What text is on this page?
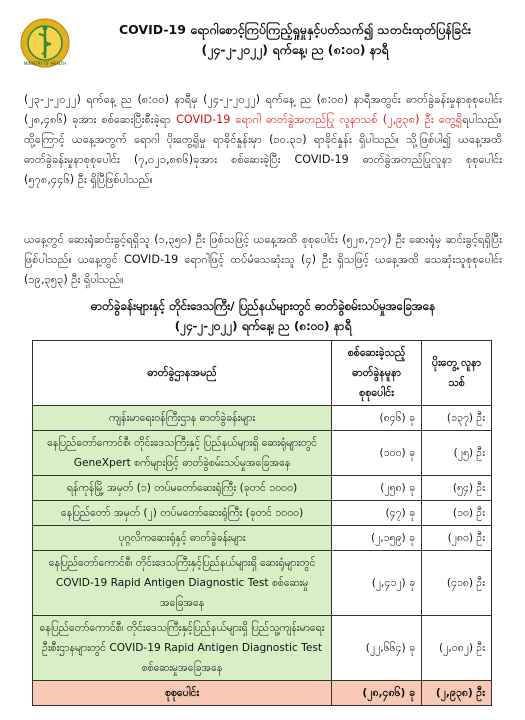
MINISTRY OF HEALTH
COVID-19 ရောဂါစောင့်ကြပ်ကြည့်ရှုမှုနှင့်ပတ်သက်၍ သတင်းထုတ်ပြန်ခြင်း
(၂၄-၂-၂၀၂၂) ရက်နေ့၊ ည (၈:၀၀) နာရီ
(၂၃-၂-၂၀၂၂) ရက်နေ့ ည (၈:၀၀) နာရီမှ (၂၄-၂-၂၀၂၂) ရက်နေ့ ည (၈:၀၀) နာရီအတွင်း ဓာတ်ခွဲခန်းမှုနာစုစုပေါင်း (၂၈,၄၈၆) ခုအား စစ်ဆေးပြီးစီးခဲ့ရာ COVID-19 ရောဂါ ဓာတ်ခွဲအတည်ပြု လူနာသစ် (၂,၉၃၈) ဦး တွေ့ရှိရပါသည်။ ထို့ကြောင့် ယနေ့အတွက် ရောဂါ ပိုးတွေ့ရှိမှု ရာခိုင်နှုန်းမှာ (၁၀.၃၁) ရာခိုင်နှုန်း ရှိပါသည်။ သို့ဖြစ်ပါ၍ ယနေ့အထိ ဓာတ်ခွဲခန်းမှုနာစုစုပေါင်း (၇,၀၂၁,၈၈၆)ခုအား စစ်ဆေးခဲ့ပြီး COVID-19 ဓာတ်ခွဲအတည်ပြုလူနာ စုစုပေါင်း (၅၇၈,၄၄၆) ဦး ရှိပြီဖြစ်ပါသည်။
ယနေ့တွင် ဆေးရုံဆင်းခွင့်ရရှိသူ (၁,၃၅၀) ဦး ဖြစ်သဖြင့် ယနေ့အထိ စုစုပေါင်း (၅၂၈,၇၁၇) ဦး ဆေးရုံမှ ဆင်းခွင့်ရရှိပြီး ဖြစ်ပါသည်။ ယနေ့တွင် COVID-19 ရောဂါဖြင့် ထပ်မံသေဆုံးသူ (၄) ဦး ရှိသဖြင့် ယနေ့အထိ သေဆုံးသူစုစုပေါင်း (၁၉,၃၅၃) ဦး ရှိပါသည်။
ဓာတ်ခွဲခန်းများနှင့် တိုင်းဒေသကြီး/ ပြည်နယ်များတွင် ဓာတ်ခွဲစမ်းသပ်မှုအခြေအနေ
(၂၄-၂-၂၀၂၂) ရက်နေ့၊ ည (၈:၀၀) နာရီ
ဓာတ်ခွဲဌာနအမည်	စစ်ဆေးခဲ့သည့် ဓာတ်ခွဲနမူနာ စုစုပေါင်း	ပိုးတွေ့ လူနာသစ်
ကျန်းမာရေးဝန်ကြီးဌာန ဓာတ်ခွဲခန်းများ	(၈၄၆) ခု	(၁၃၇) ဦး
နေပြည်တော်ကောင်စီ၊ တိုင်းဒေသကြီးနှင့် ပြည်နယ်များရှိ ဆေးရုံများတွင် GeneXpert စက်များဖြင့် ဓာတ်ခွဲစမ်းသပ်မှုအခြေအနေ	(၁၀၀) ခု	(၂၅) ဦး
ရန်ကုန်မြို့ အမှတ် (၁) တပ်မတော်ဆေးရုံကြီး (ခုတင် ၁၀၀၀)	(၂၅၈) ခု	(၅၄) ဦး
နေပြည်တော် အမှတ် (၂) တပ်မတော်ဆေးရုံကြီး (ခုတင် ၁၀၀၀)	(၄၇) ခု	(၁၀) ဦး
ပုဂ္ဂလိကဆေးရုံနှင့် ဓာတ်ခွဲခန်းများ	(၂,၁၅၉) ခု	(၂၈၀) ဦး
နေပြည်တော်ကောင်စီ၊ တိုင်းဒေသကြီးနှင့်ပြည်နယ်များရှိ ဆေးရုံများတွင် COVID-19 Rapid Antigen Diagnostic Test စစ်ဆေးမှုအခြေအနေ	(၂,၄၁၂) ခု	(၄၁၈) ဦး
နေပြည်တော်ကောင်စီ၊ တိုင်းဒေသကြီးနှင့်ပြည်နယ်များရှိ ပြည်သူ့ကျန်းမာရေးဦးစီးဌာနများတွင် COVID-19 Rapid Antigen Diagnostic Test စစ်ဆေးမှုအခြေအနေ	(၂၂,၆၆၄) ခု	(၂,၀၈၂) ဦး
စုစုပေါင်း	(၂၈,၄၈၆) ခု	(၂,၉၃၈) ဦး
